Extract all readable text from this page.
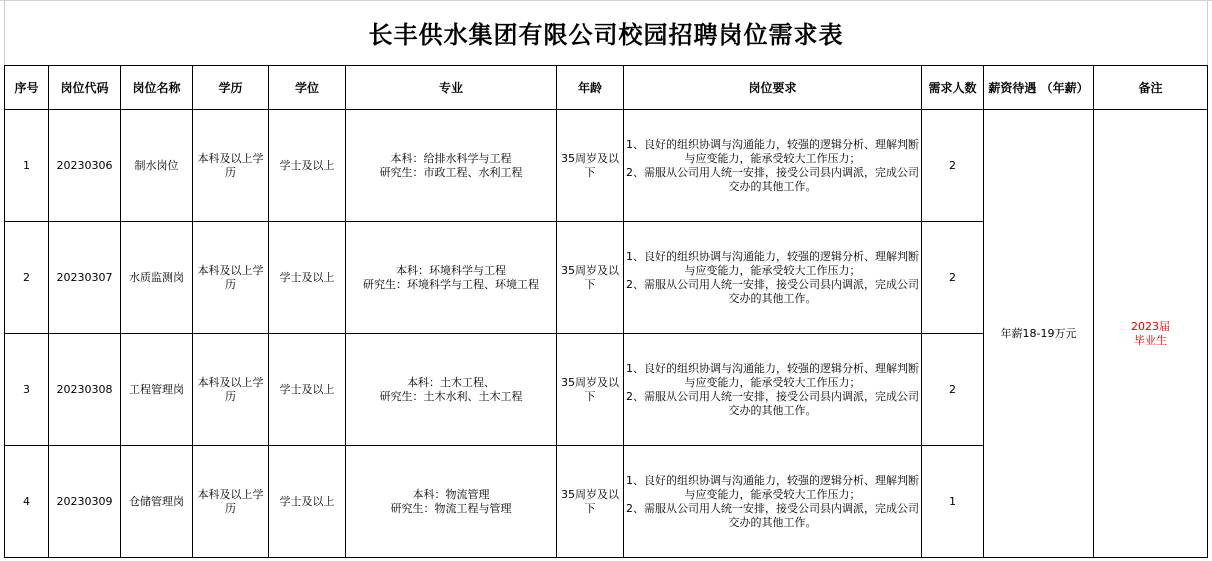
长丰供水集团有限公司校园招聘岗位需求表
序号	岗位代码	岗位名称	学历	学位	专业	年龄	岗位要求	需求人数	薪资待遇 （年薪）	备注
1	20230306	制水岗位	本科及以上学历	学士及以上	本科：给排水科学与工程
研究生：市政工程、水利工程	35周岁及以下	1、良好的组织协调与沟通能力，较强的逻辑分析、理解判断与应变能力，能承受较大工作压力；
2、需服从公司用人统一安排，接受公司县内调派，完成公司交办的其他工作。	2	年薪18-19万元	2023届
毕业生

2	20230307	水质监测岗	本科及以上学历	学士及以上	本科：环境科学与工程
研究生：环境科学与工程、环境工程	35周岁及以下	1、良好的组织协调与沟通能力，较强的逻辑分析、理解判断与应变能力，能承受较大工作压力；
2、需服从公司用人统一安排，接受公司县内调派，完成公司交办的其他工作。	2		
3	20230308	工程管理岗	本科及以上学历	学士及以上	本科：土木工程、
研究生：土木水利、土木工程	35周岁及以下	1、良好的组织协调与沟通能力，较强的逻辑分析、理解判断与应变能力，能承受较大工作压力；
2、需服从公司用人统一安排，接受公司县内调派，完成公司交办的其他工作。	2		
4	20230309	仓储管理岗	本科及以上学历	学士及以上	本科：物流管理
研究生：物流工程与管理	35周岁及以下	1、良好的组织协调与沟通能力，较强的逻辑分析、理解判断与应变能力，能承受较大工作压力；
2、需服从公司用人统一安排，接受公司县内调派，完成公司交办的其他工作。	1		
